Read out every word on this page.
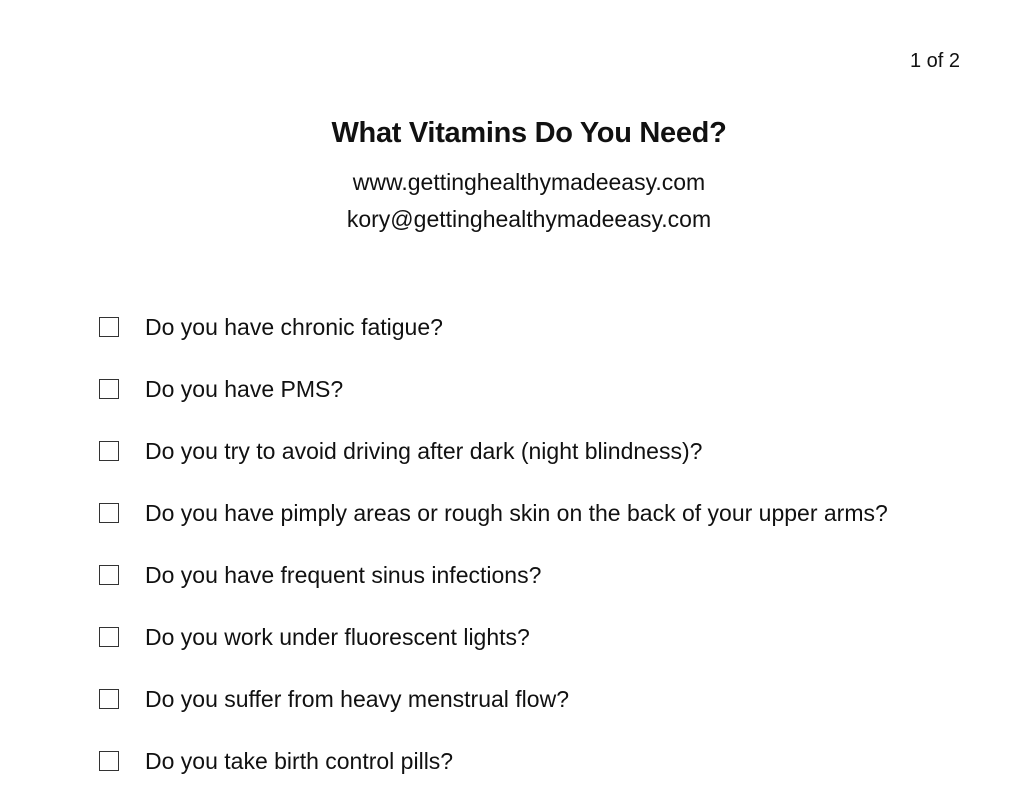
1 of 2
What Vitamins Do You Need?
www.gettinghealthymadeeasy.com
kory@gettinghealthymadeeasy.com
Do you have chronic fatigue?
Do you have PMS?
Do you try to avoid driving after dark (night blindness)?
Do you have pimply areas or rough skin on the back of your upper arms?
Do you have frequent sinus infections?
Do you work under fluorescent lights?
Do you suffer from heavy menstrual flow?
Do you take birth control pills?
